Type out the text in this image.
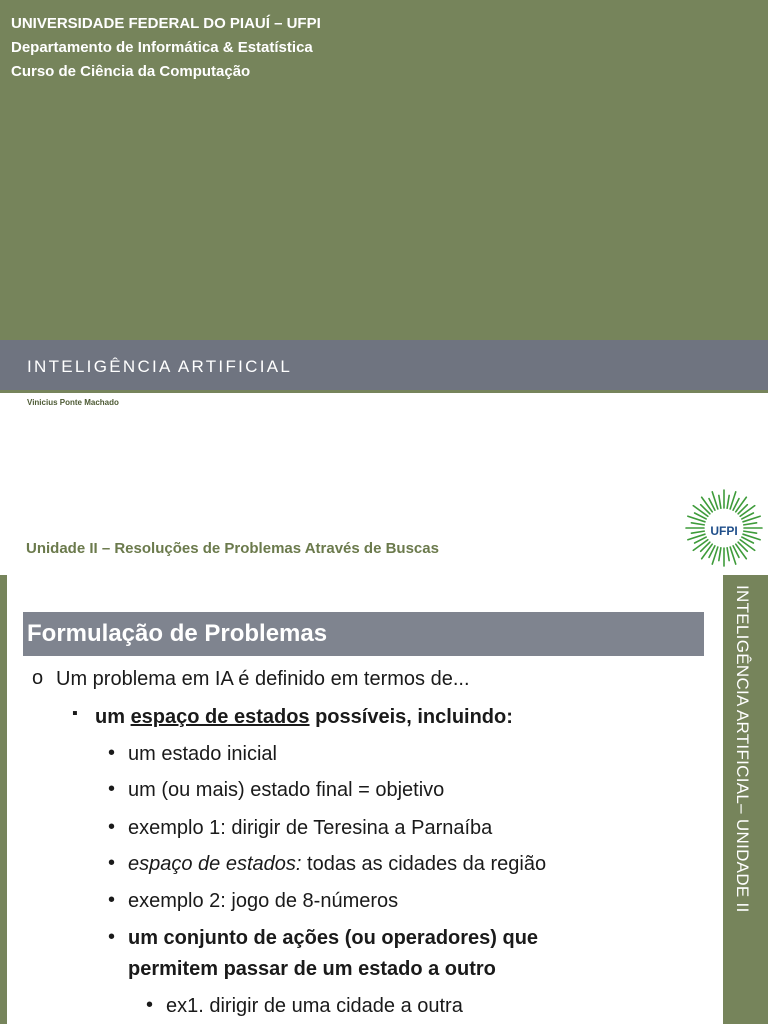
UNIVERSIDADE FEDERAL DO PIAUÍ – UFPI
Departamento de Informática & Estatística
Curso de Ciência da Computação
INTELIGÊNCIA ARTIFICIAL
Vinicius Ponte Machado
Unidade II – Resoluções de Problemas Através de Buscas
UFPI
INTELIGÊNCIA ARTIFICIAL– UNIDADE II
Formulação de Problemas
o Um problema em IA é definido em termos de...
▪ um espaço de estados possíveis, incluindo:
• um estado inicial
• um (ou mais) estado final = objetivo
• exemplo 1: dirigir de Teresina a Parnaíba
• espaço de estados: todas as cidades da região
• exemplo 2: jogo de 8-números
• um conjunto de ações (ou operadores) que
permitem passar de um estado a outro
• ex1. dirigir de uma cidade a outra
